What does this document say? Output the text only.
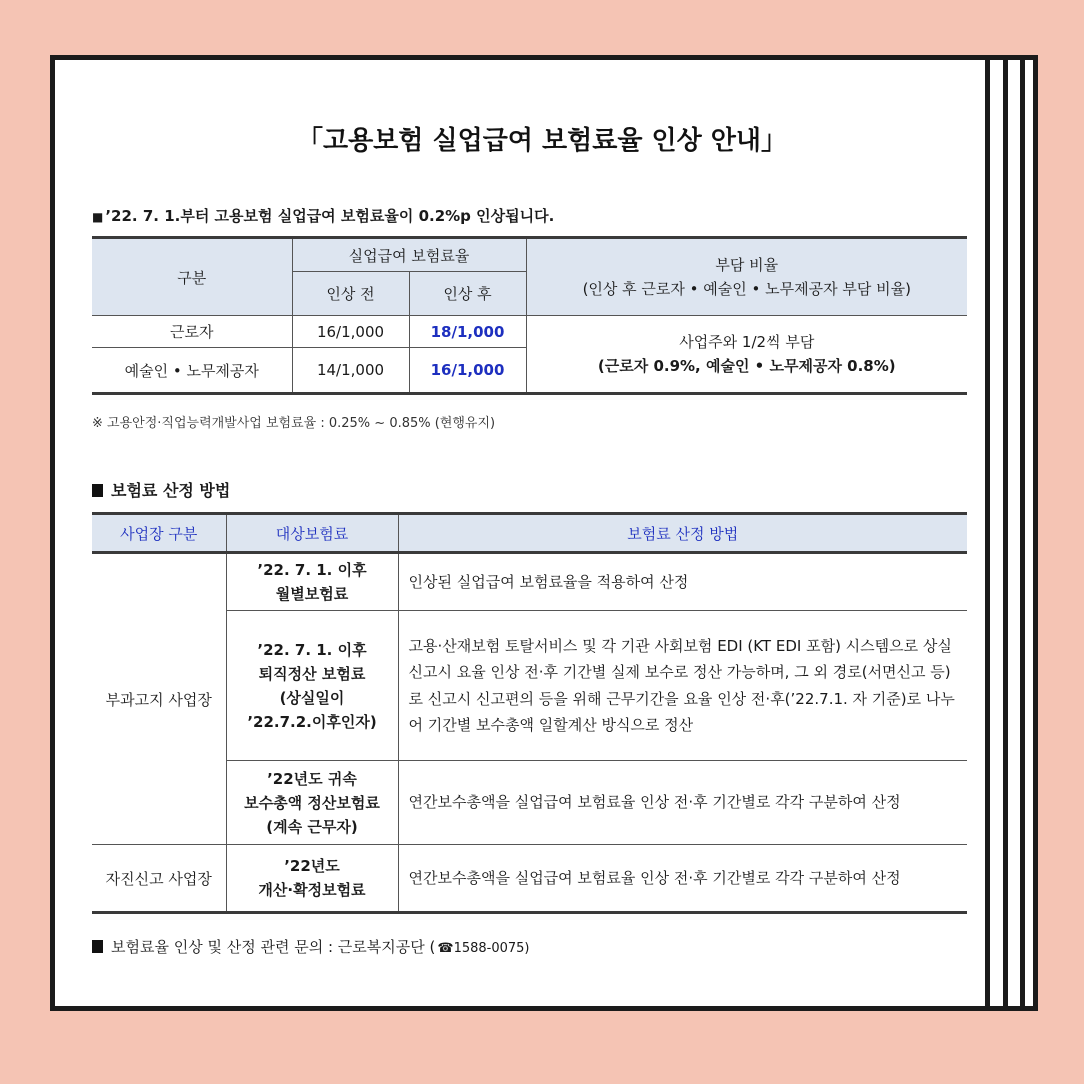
「고용보험 실업급여 보험료율 인상 안내」
■ ’22. 7. 1.부터 고용보험 실업급여 보험료율이 0.2%p 인상됩니다.
구분	실업급여 보험료율		부담 비율
(인상 후 근로자 • 예술인 • 노무제공자 부담 비율)

	인상 전	인상 후	
근로자	16/1,000	18/1,000	사업주와 1/2씩 부담
(근로자 0.9%, 예술인 • 노무제공자 0.8%)

예술인 • 노무제공자	14/1,000	16/1,000	
※ 고용안정·직업능력개발사업 보험료율 : 0.25% ~ 0.85% (현행유지)
보험료 산정 방법
사업장 구분	대상보험료	보험료 산정 방법
부과고지 사업장	’22. 7. 1. 이후
월별보험료	인상된 실업급여 보험료율을 적용하여 산정

	’22. 7. 1. 이후
퇴직정산 보험료
(상실일이
’22.7.2.이후인자)	고용·산재보험 토탈서비스 및 각 기관 사회보험 EDI (KT EDI 포함) 시스템으로 상실신고시 요율 인상 전·후 기간별 실제 보수로 정산 가능하며, 그 외 경로(서면신고 등)로 신고시 신고편의 등을 위해 근무기간을 요율 인상 전·후(’22.7.1. 자 기준)로 나누어 기간별 보수총액 일할계산 방식으로 정산

	’22년도 귀속
보수총액 정산보험료
(계속 근무자)	연간보수총액을 실업급여 보험료율 인상 전·후 기간별로 각각 구분하여 산정
자진신고 사업장	’22년도
개산·확정보험료	연간보수총액을 실업급여 보험료율 인상 전·후 기간별로 각각 구분하여 산정
보험료율 인상 및 산정 관련 문의 : 근로복지공단 ( ☎1588-0075)
